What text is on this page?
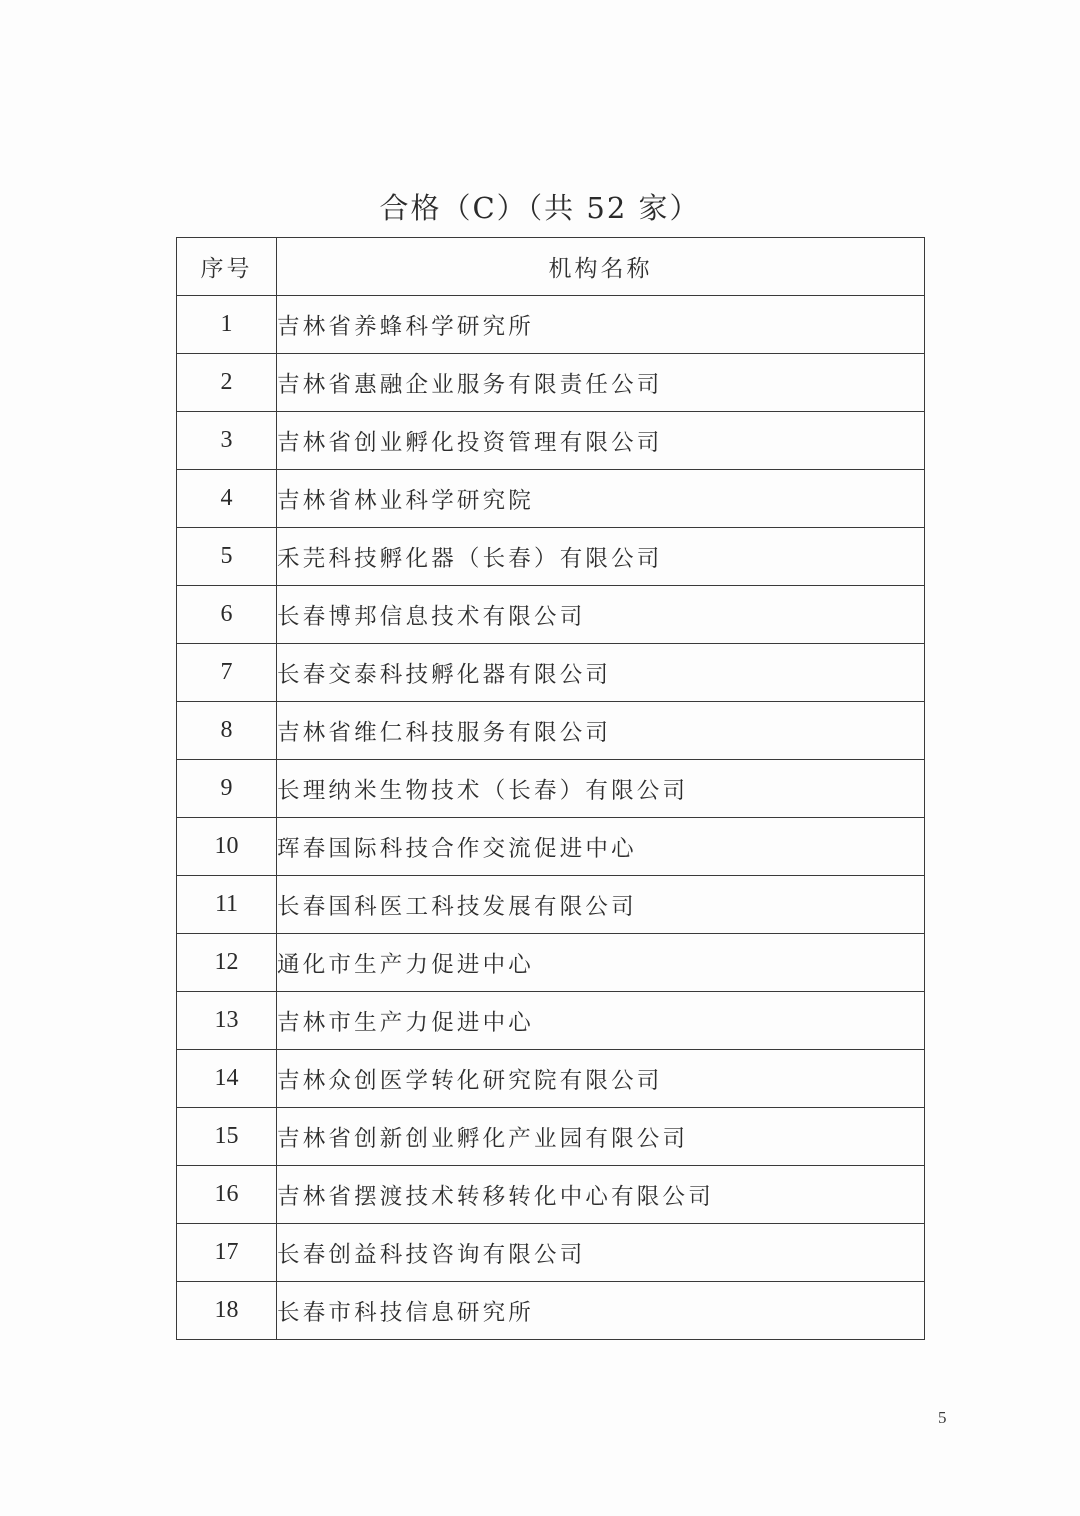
合格（C）（共 52 家）
序号	机构名称
1	吉林省养蜂科学研究所
2	吉林省惠融企业服务有限责任公司
3	吉林省创业孵化投资管理有限公司
4	吉林省林业科学研究院
5	禾芫科技孵化器（长春）有限公司
6	长春博邦信息技术有限公司
7	长春交泰科技孵化器有限公司
8	吉林省维仁科技服务有限公司
9	长理纳米生物技术（长春）有限公司
10	珲春国际科技合作交流促进中心
11	长春国科医工科技发展有限公司
12	通化市生产力促进中心
13	吉林市生产力促进中心
14	吉林众创医学转化研究院有限公司
15	吉林省创新创业孵化产业园有限公司
16	吉林省摆渡技术转移转化中心有限公司
17	长春创益科技咨询有限公司
18	长春市科技信息研究所
5
